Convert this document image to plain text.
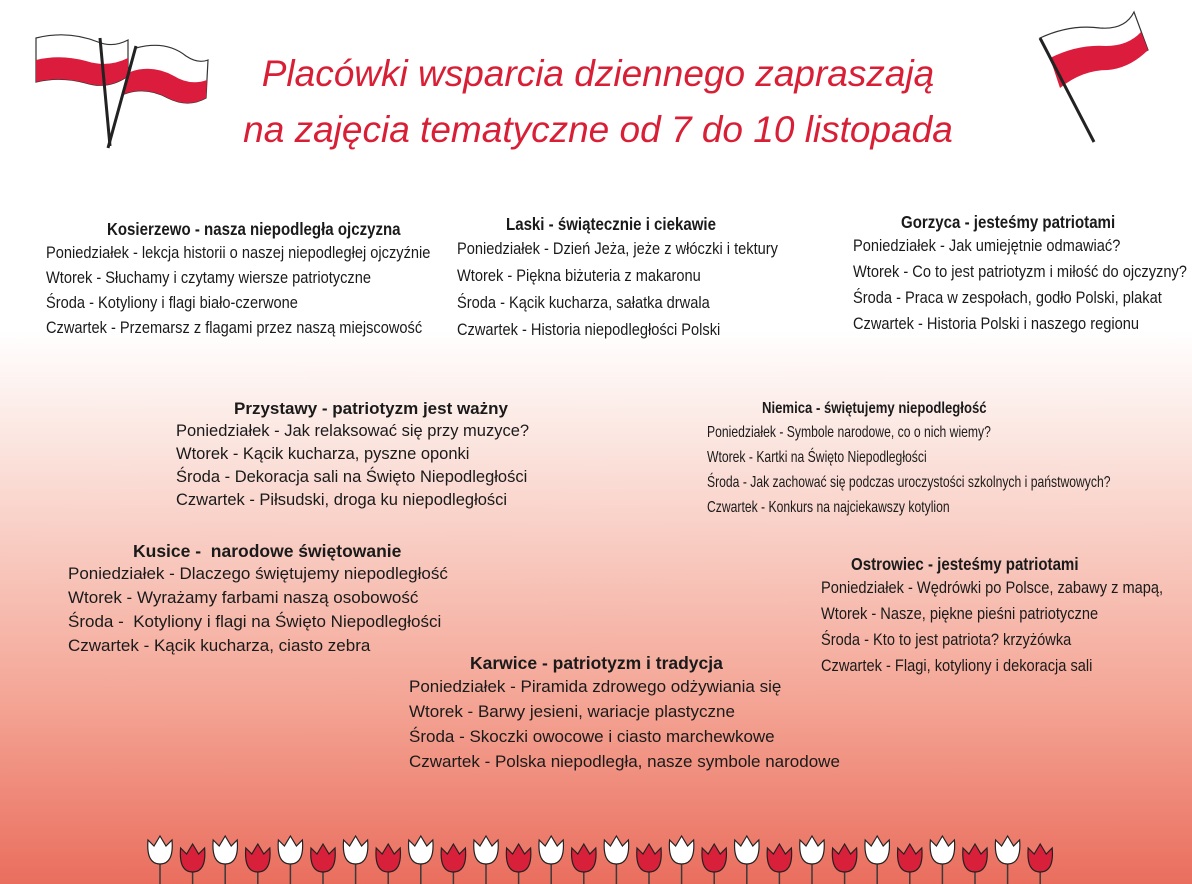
Placówki wsparcia dziennego zapraszają
na zajęcia tematyczne od 7 do 10 listopada
Kosierzewo - nasza niepodległa ojczyzna
Poniedziałek - lekcja historii o naszej niepodległej ojczyźnie
Wtorek - Słuchamy i czytamy wiersze patriotyczne
Środa - Kotyliony i flagi biało-czerwone
Czwartek - Przemarsz z flagami przez naszą miejscowość
Laski - świątecznie i ciekawie
Poniedziałek - Dzień Jeża, jeże z włóczki i tektury
Wtorek - Piękna biżuteria z makaronu
Środa - Kącik kucharza, sałatka drwala
Czwartek - Historia niepodległości Polski
Gorzyca - jesteśmy patriotami
Poniedziałek - Jak umiejętnie odmawiać?
Wtorek - Co to jest patriotyzm i miłość do ojczyzny?
Środa - Praca w zespołach, godło Polski, plakat
Czwartek - Historia Polski i naszego regionu
Przystawy - patriotyzm jest ważny
Poniedziałek - Jak relaksować się przy muzyce?
Wtorek - Kącik kucharza, pyszne oponki
Środa - Dekoracja sali na Święto Niepodległości
Czwartek - Piłsudski, droga ku niepodległości
Niemica - świętujemy niepodległość
Poniedziałek - Symbole narodowe, co o nich wiemy?
Wtorek - Kartki na Święto Niepodległości
Środa - Jak zachować się podczas uroczystości szkolnych i państwowych?
Czwartek - Konkurs na najciekawszy kotylion
Kusice -  narodowe świętowanie
Poniedziałek - Dlaczego świętujemy niepodległość
Wtorek - Wyrażamy farbami naszą osobowość
Środa -  Kotyliony i flagi na Święto Niepodległości
Czwartek - Kącik kucharza, ciasto zebra
Ostrowiec - jesteśmy patriotami
Poniedziałek - Wędrówki po Polsce, zabawy z mapą,
Wtorek - Nasze, piękne pieśni patriotyczne
Środa - Kto to jest patriota? krzyżówka
Czwartek - Flagi, kotyliony i dekoracja sali
Karwice - patriotyzm i tradycja
Poniedziałek - Piramida zdrowego odżywiania się
Wtorek - Barwy jesieni, wariacje plastyczne
Środa - Skoczki owocowe i ciasto marchewkowe
Czwartek - Polska niepodległa, nasze symbole narodowe
